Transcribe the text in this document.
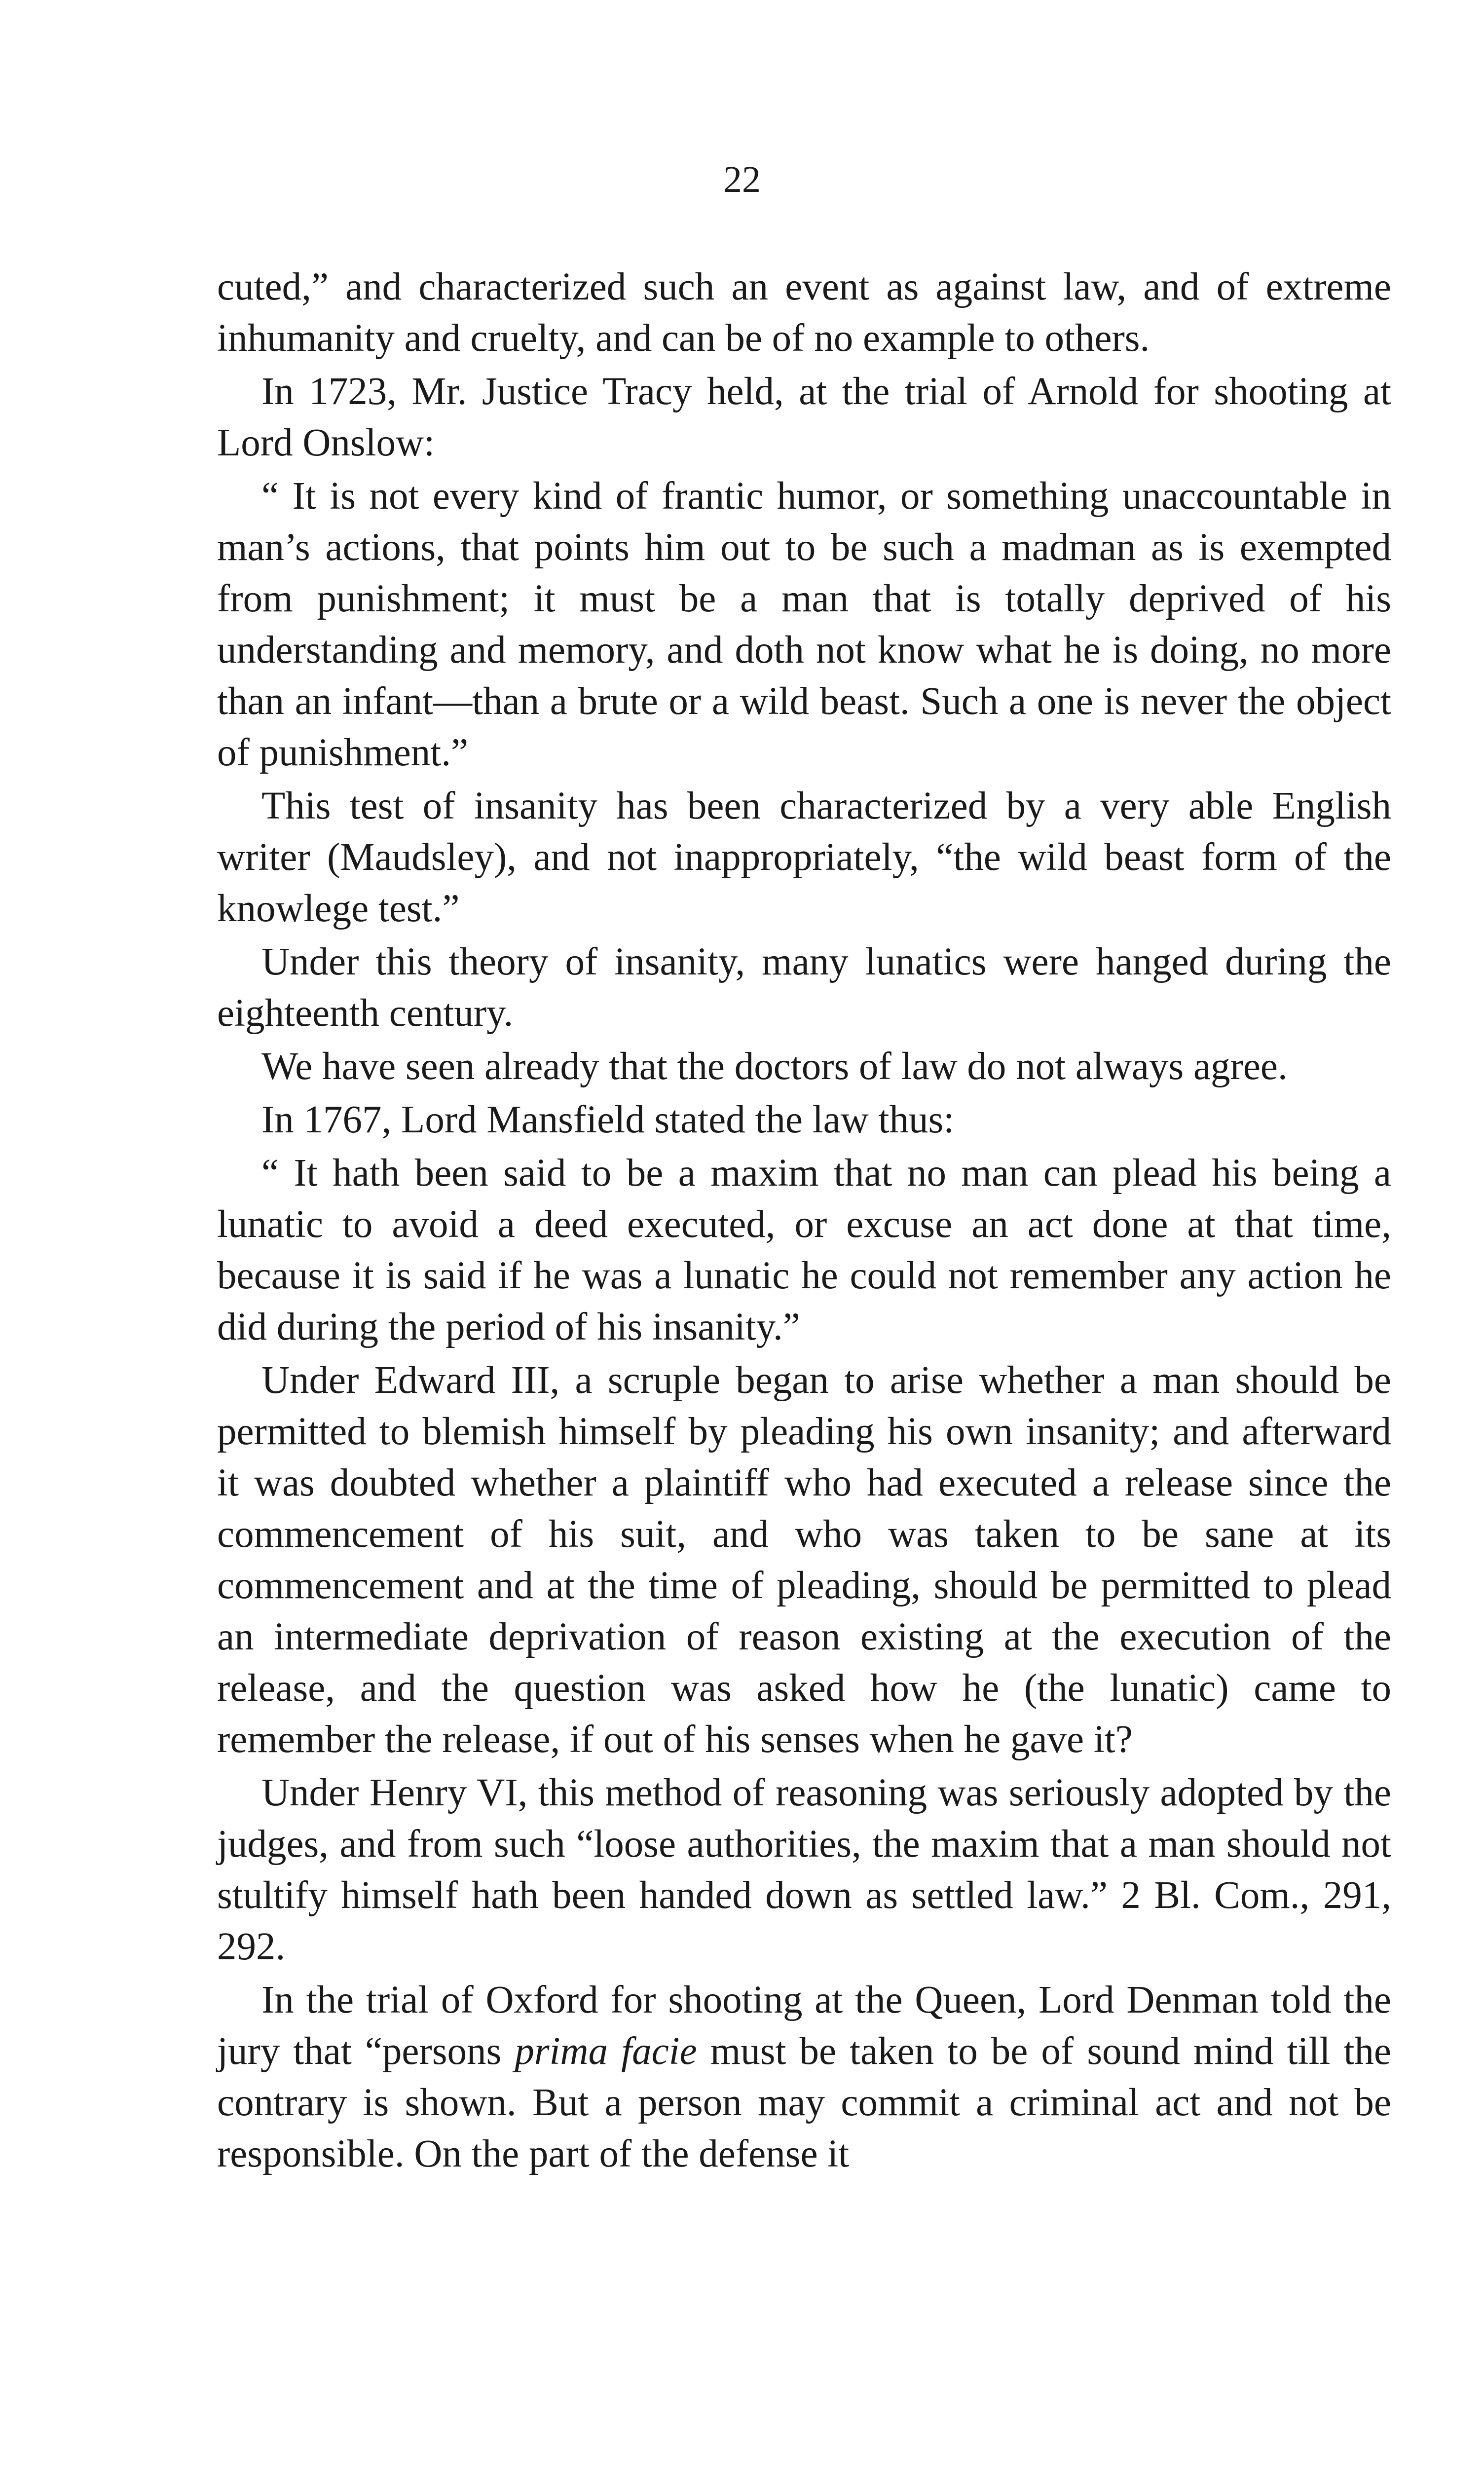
22

cuted,” and characterized such an event as against law, and of extreme inhumanity and cruelty, and can be of no example to others.

In 1723, Mr. Justice Tracy held, at the trial of Arnold for shooting at Lord Onslow:

“ It is not every kind of frantic humor, or something unaccountable in man’s actions, that points him out to be such a madman as is exempted from punishment; it must be a man that is totally deprived of his understanding and memory, and doth not know what he is doing, no more than an infant—than a brute or a wild beast. Such a one is never the object of punishment.”

This test of insanity has been characterized by a very able English writer (Maudsley), and not inappropriately, “the wild beast form of the knowlege test.”

Under this theory of insanity, many lunatics were hanged during the eighteenth century.

We have seen already that the doctors of law do not always agree.

In 1767, Lord Mansfield stated the law thus:

“ It hath been said to be a maxim that no man can plead his being a lunatic to avoid a deed executed, or excuse an act done at that time, because it is said if he was a lunatic he could not remember any action he did during the period of his insanity.”

Under Edward III, a scruple began to arise whether a man should be permitted to blemish himself by pleading his own insanity; and afterward it was doubted whether a plaintiff who had executed a release since the commencement of his suit, and who was taken to be sane at its commencement and at the time of pleading, should be permitted to plead an intermediate deprivation of reason existing at the execution of the release, and the question was asked how he (the lunatic) came to remember the release, if out of his senses when he gave it?

Under Henry VI, this method of reasoning was seriously adopted by the judges, and from such “loose authorities, the maxim that a man should not stultify himself hath been handed down as settled law.” 2 Bl. Com., 291, 292.

In the trial of Oxford for shooting at the Queen, Lord Denman told the jury that “persons prima facie must be taken to be of sound mind till the contrary is shown. But a person may commit a criminal act and not be responsible. On the part of the defense it
